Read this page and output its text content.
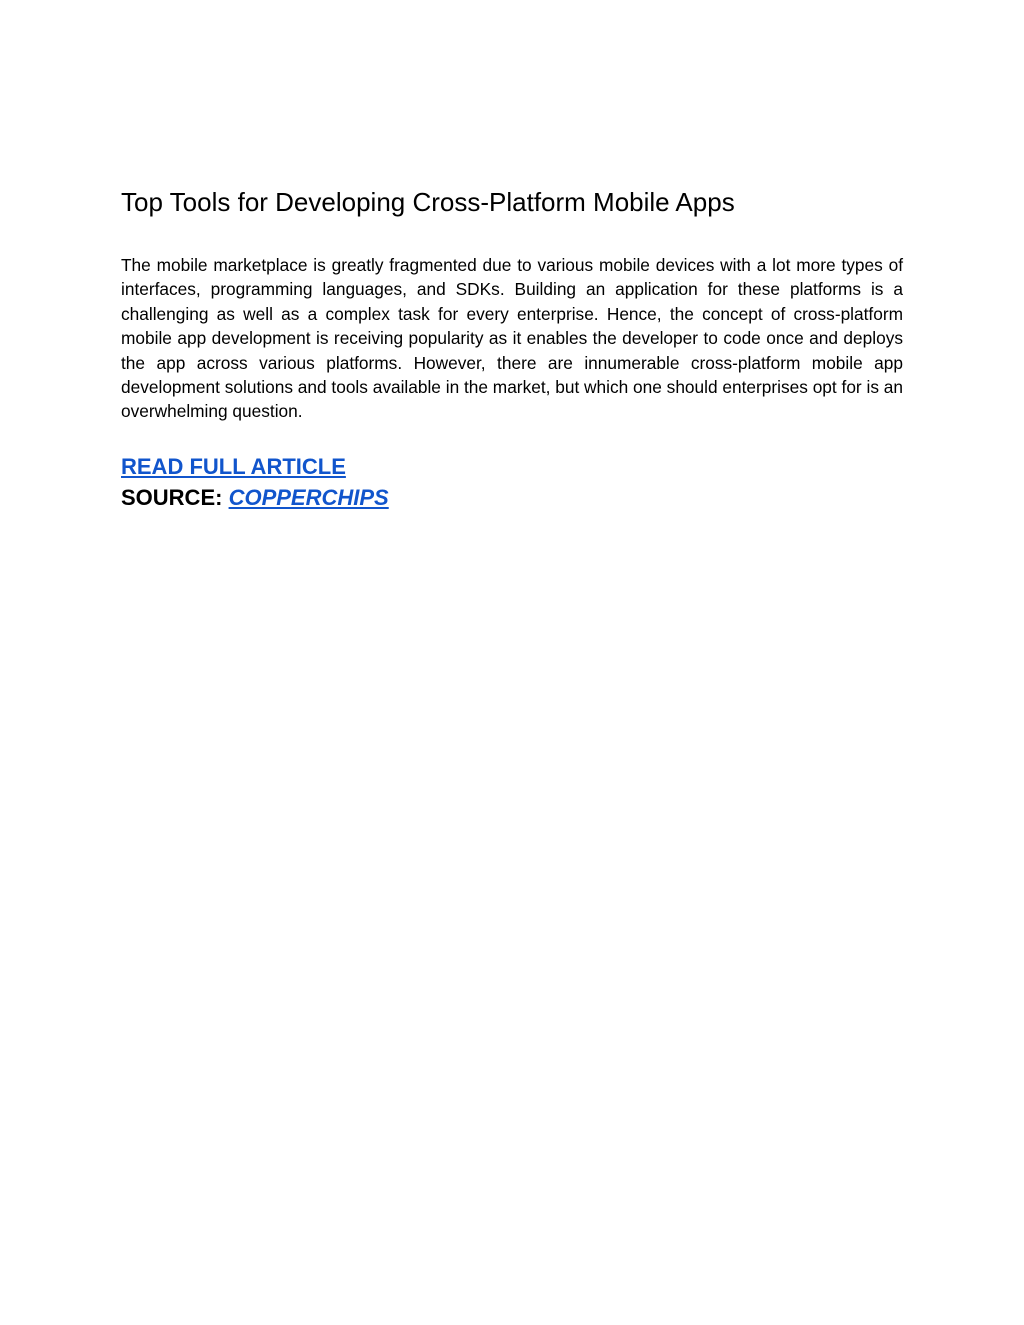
Top Tools for Developing Cross-Platform Mobile Apps

The mobile marketplace is greatly fragmented due to various mobile devices with a lot more types of interfaces, programming languages, and SDKs. Building an application for these platforms is a challenging as well as a complex task for every enterprise. Hence, the concept of cross-platform mobile app development is receiving popularity as it enables the developer to code once and deploys the app across various platforms. However, there are innumerable cross-platform mobile app development solutions and tools available in the market, but which one should enterprises opt for is an overwhelming question.

READ FULL ARTICLE

SOURCE: COPPERCHIPS
